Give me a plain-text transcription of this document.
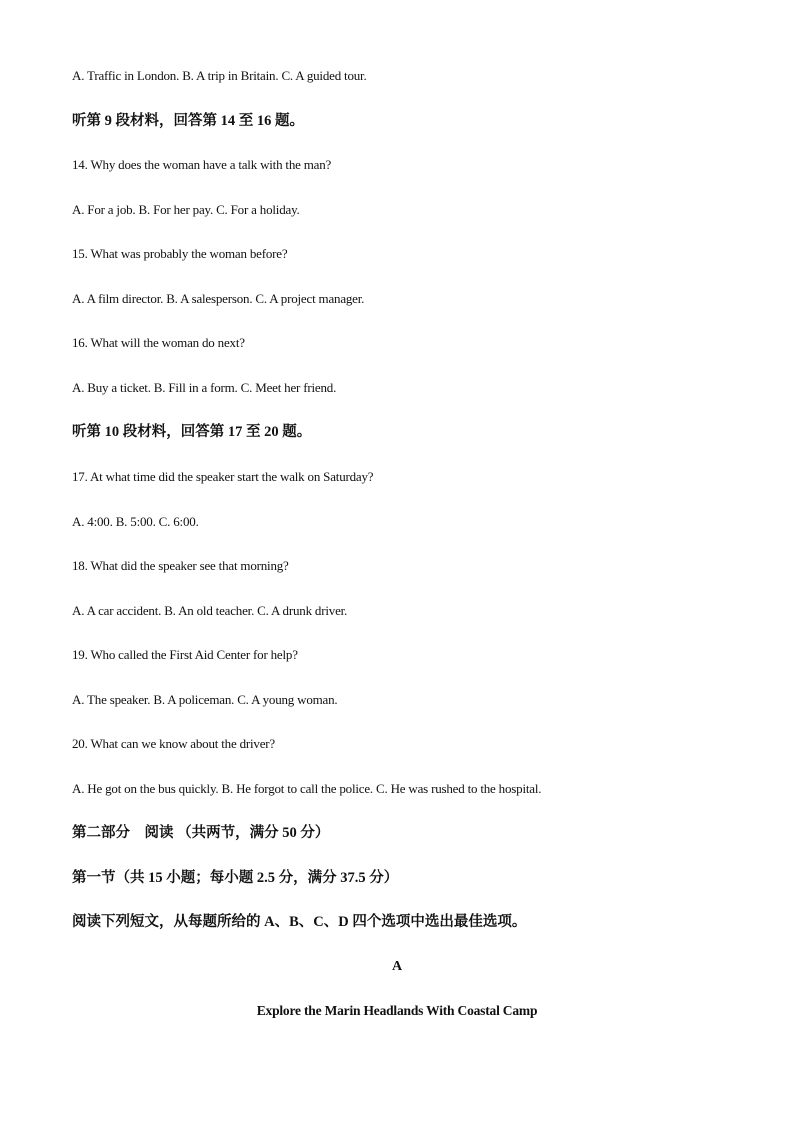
A. Traffic in London. B. A trip in Britain. C. A guided tour.
听第 9 段材料，回答第 14 至 16 题。
14. Why does the woman have a talk with the man?
A. For a job. B. For her pay. C. For a holiday.
15. What was probably the woman before?
A. A film director. B. A salesperson. C. A project manager.
16. What will the woman do next?
A. Buy a ticket. B. Fill in a form. C. Meet her friend.
听第 10 段材料，回答第 17 至 20 题。
17. At what time did the speaker start the walk on Saturday?
A. 4:00. B. 5:00. C. 6:00.
18. What did the speaker see that morning?
A. A car accident. B. An old teacher. C. A drunk driver.
19. Who called the First Aid Center for help?
A. The speaker. B. A policeman. C. A young woman.
20. What can we know about the driver?
A. He got on the bus quickly. B. He forgot to call the police. C. He was rushed to the hospital.
第二部分　阅读 （共两节，满分 50 分）
第一节（共 15 小题；每小题 2.5 分，满分 37.5 分）
阅读下列短文，从每题所给的 A、B、C、D 四个选项中选出最佳选项。
A
Explore the Marin Headlands With Coastal Camp
